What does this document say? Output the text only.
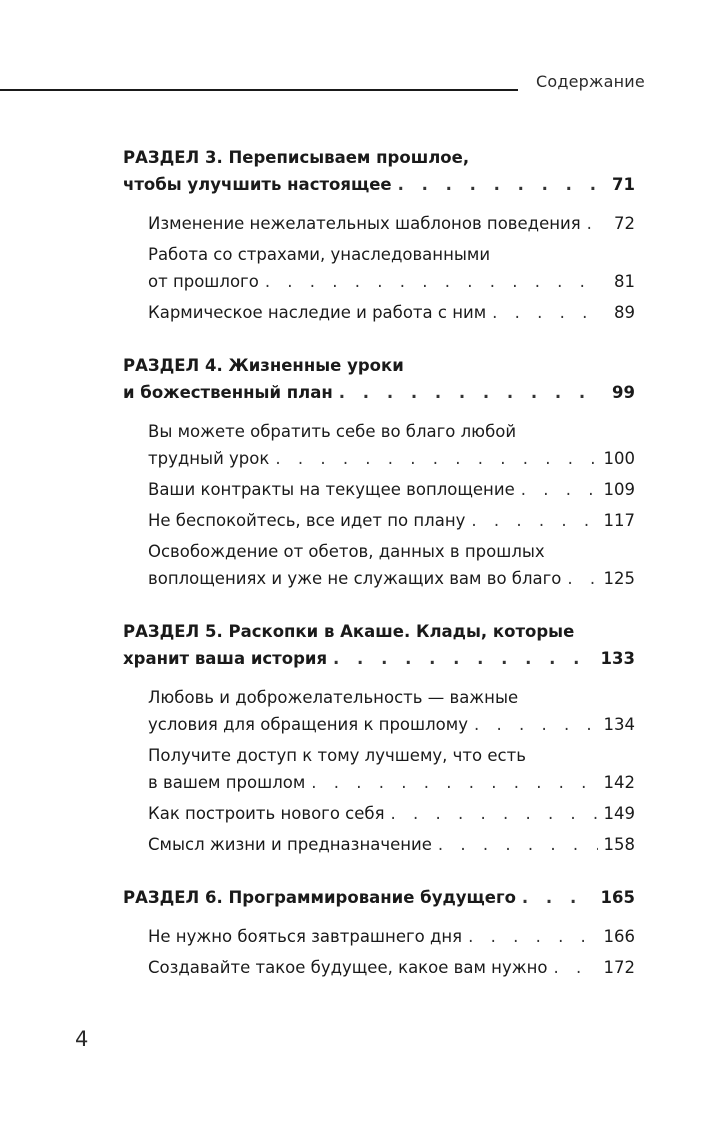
Содержание
РАЗДЕЛ 3. Переписываем прошлое,
чтобы улучшить настоящее . . .	71
Изменение нежелательных шаблонов поведения . . .	72
Работа со страхами, унаследованными
от прошлого . . .	81
Кармическое наследие и работа с ним . . .	89
РАЗДЕЛ 4. Жизненные уроки
и божественный план . . .	99
Вы можете обратить себе во благо любой
трудный урок . . .	100
Ваши контракты на текущее воплощение . . .	109
Не беспокойтесь, все идет по плану . . .	117
Освобождение от обетов, данных в прошлых
воплощениях и уже не служащих вам во благо . . .	125
РАЗДЕЛ 5. Раскопки в Акаше. Клады, которые
хранит ваша история . . .	133
Любовь и доброжелательность — важные
условия для обращения к прошлому . . .	134
Получите доступ к тому лучшему, что есть
в вашем прошлом . . .	142
Как построить нового себя . . .	149
Смысл жизни и предназначение . . .	158
РАЗДЕЛ 6. Программирование будущего . . .	165
Не нужно бояться завтрашнего дня . . .	166
Создавайте такое будущее, какое вам нужно . . .	172
4
